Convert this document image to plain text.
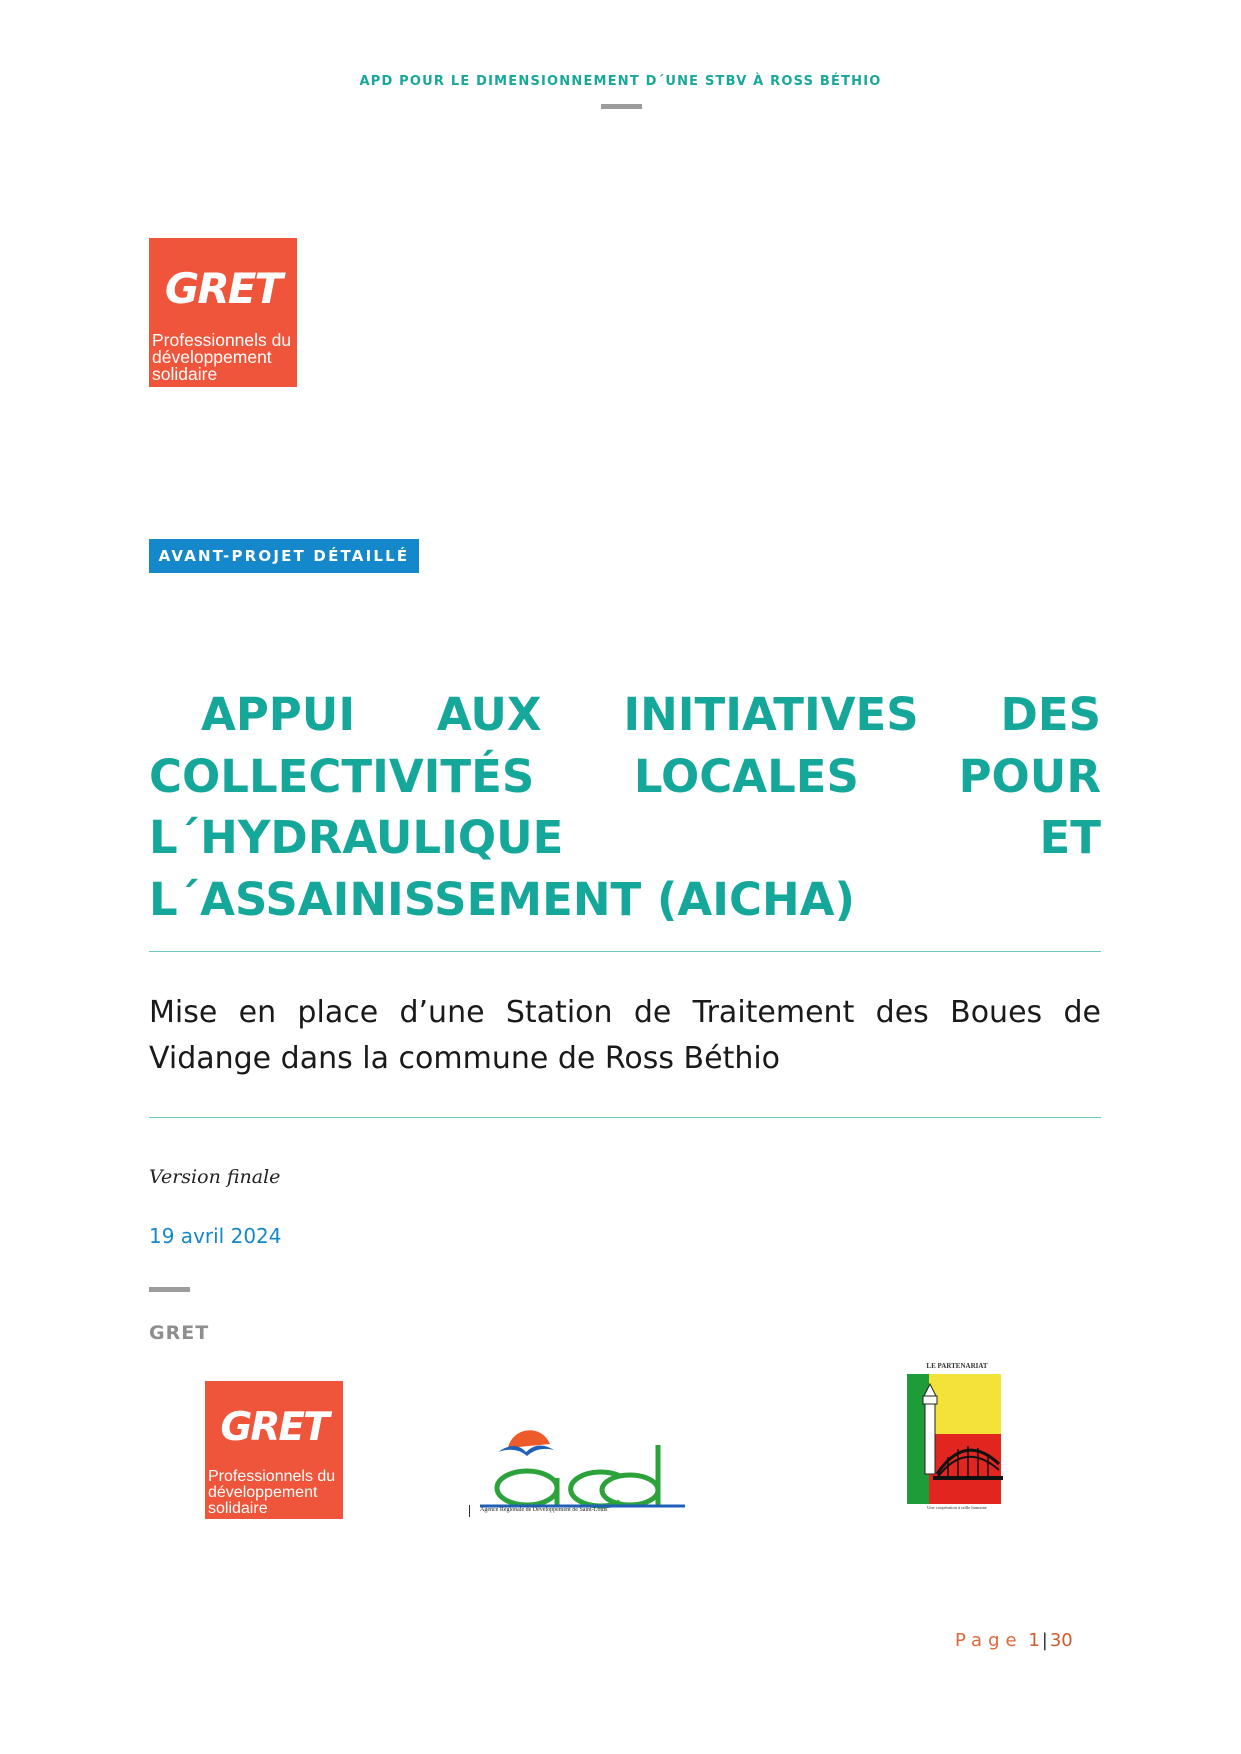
APD POUR LE DIMENSIONNEMENT D´UNE STBV À ROSS BÉTHIO
GRET
Professionnels du
développement
solidaire
AVANT-PROJET DÉTAILLÉ
APPUI AUX INITIATIVES DES
COLLECTIVITÉS LOCALES POUR
L´HYDRAULIQUE ET
L´ASSAINISSEMENT (AICHA)
Mise en place d’une Station de Traitement des Boues de
Vidange dans la commune de Ross Béthio
Version finale
19 avril 2024
GRET
GRET
Professionnels du
développement
solidaire	Agence Régionale de Développement de Saint-Louis
LE PARTENARIAT
Une coopération à taille humaine
Page 1 | 30
